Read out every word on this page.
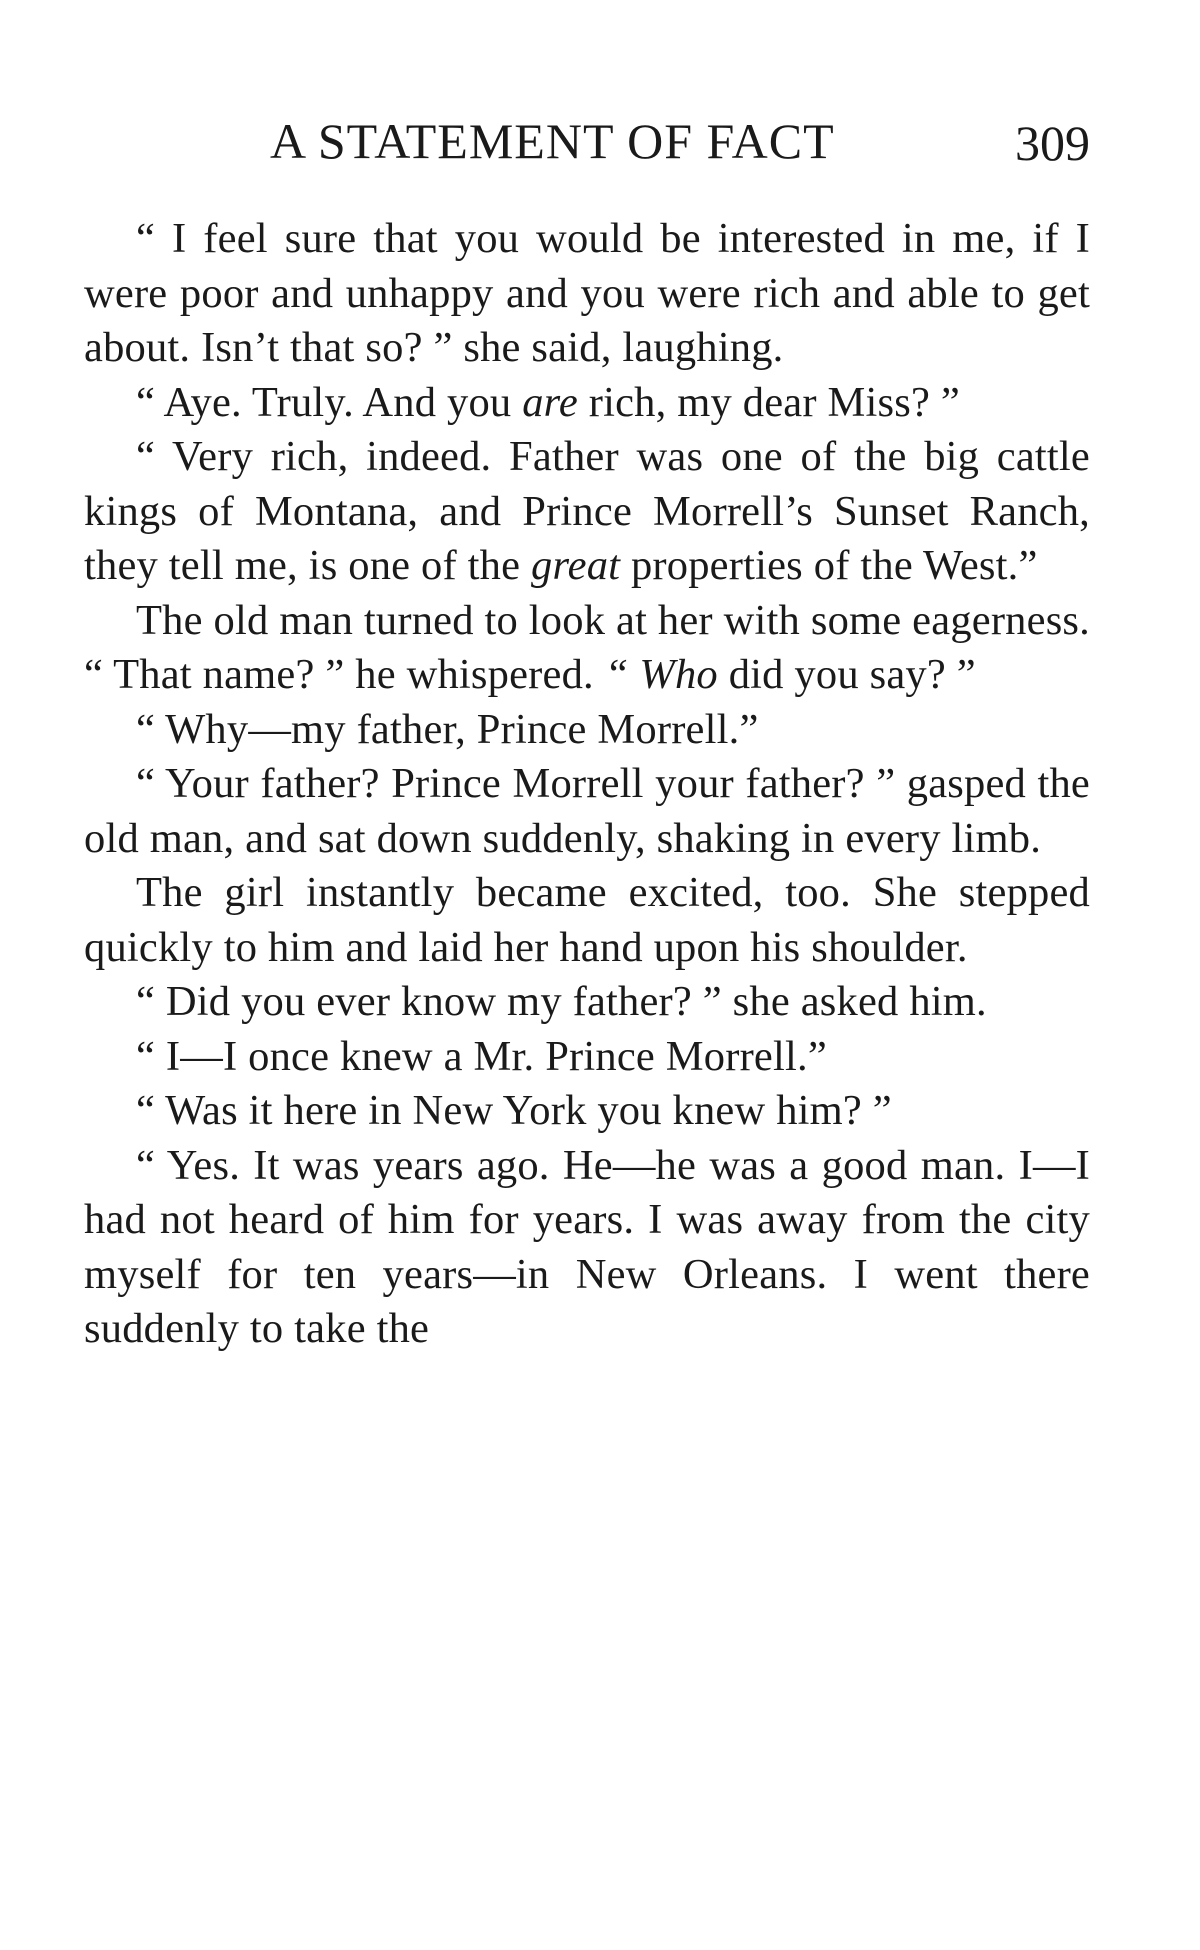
A STATEMENT OF FACT	309

“ I feel sure that you would be interested in me, if I were poor and unhappy and you were rich and able to get about. Isn’t that so? ” she said, laughing.

“ Aye. Truly. And you are rich, my dear Miss? ”

“ Very rich, indeed. Father was one of the big cattle kings of Montana, and Prince Morrell’s Sunset Ranch, they tell me, is one of the great properties of the West.”

The old man turned to look at her with some eagerness. “ That name? ” he whispered. “ Who did you say? ”

“ Why—my father, Prince Morrell.”

“ Your father? Prince Morrell your father? ” gasped the old man, and sat down suddenly, shaking in every limb.

The girl instantly became excited, too. She stepped quickly to him and laid her hand upon his shoulder.

“ Did you ever know my father? ” she asked him.

“ I—I once knew a Mr. Prince Morrell.”

“ Was it here in New York you knew him? ”

“ Yes. It was years ago. He—he was a good man. I—I had not heard of him for years. I was away from the city myself for ten years—in New Orleans. I went there suddenly to take the
